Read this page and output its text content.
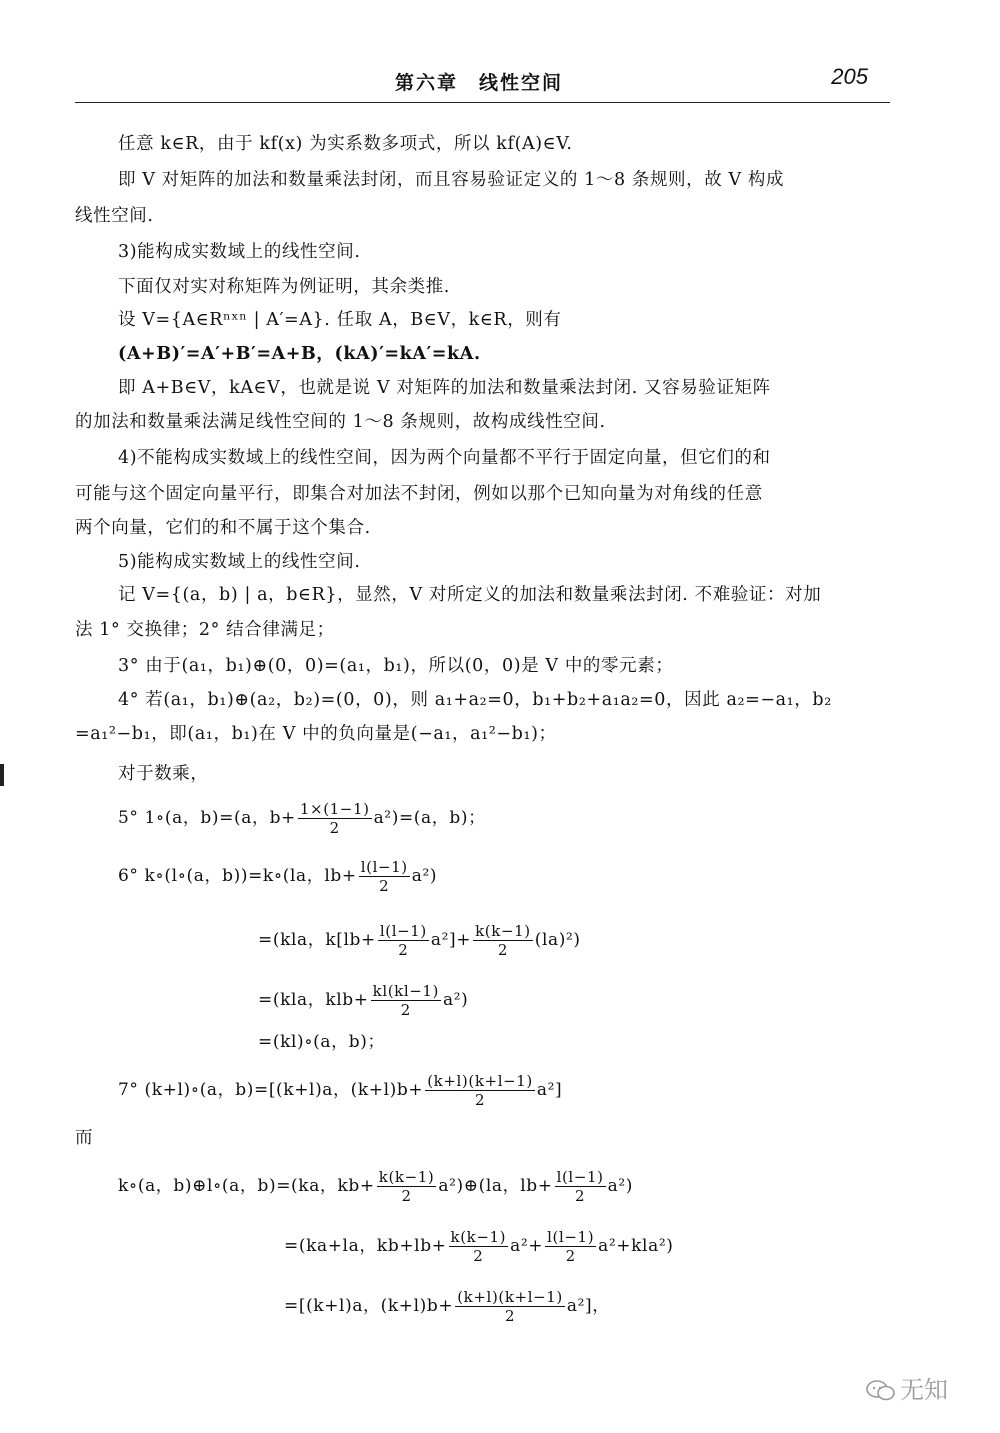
第六章　线性空间	205
任意 k∈R，由于 kf(x) 为实系数多项式，所以 kf(A)∈V.
即 V 对矩阵的加法和数量乘法封闭，而且容易验证定义的 1～8 条规则，故 V 构成
线性空间.
3)能构成实数域上的线性空间.
下面仅对实对称矩阵为例证明，其余类推.
设 V={A∈Rⁿˣⁿ | A′=A}. 任取 A，B∈V，k∈R，则有
(A+B)′=A′+B′=A+B，(kA)′=kA′=kA.
即 A+B∈V，kA∈V，也就是说 V 对矩阵的加法和数量乘法封闭. 又容易验证矩阵
的加法和数量乘法满足线性空间的 1～8 条规则，故构成线性空间.
4)不能构成实数域上的线性空间，因为两个向量都不平行于固定向量，但它们的和
可能与这个固定向量平行，即集合对加法不封闭，例如以那个已知向量为对角线的任意
两个向量，它们的和不属于这个集合.
5)能构成实数域上的线性空间.
记 V={(a，b) | a，b∈R}，显然，V 对所定义的加法和数量乘法封闭. 不难验证：对加
法 1° 交换律；2° 结合律满足；
3° 由于(a₁，b₁)⊕(0，0)=(a₁，b₁)，所以(0，0)是 V 中的零元素；
4° 若(a₁，b₁)⊕(a₂，b₂)=(0，0)，则 a₁+a₂=0，b₁+b₂+a₁a₂=0，因此 a₂=−a₁，b₂
=a₁²−b₁，即(a₁，b₁)在 V 中的负向量是(−a₁，a₁²−b₁)；
对于数乘，
5° 1∘(a，b)=(a，$b+ \frac{1\times(1-1)}{2} a^2)=(a$，b)；
6° k∘(l∘(a，b))=k∘(la，$lb+ \frac{l(l-1)}{2} a^2$)
=(kla，$k[lb+ \frac{l(l-1)}{2} a^2]+ \frac{k(k-1)}{2} (la)^2$)
=(kla，$klb+ \frac{kl(kl-1)}{2} a^2$)
=(kl)∘(a，b)；
7° (k+l)∘(a，b)=[(k+l)a，$(k+l)b+ \frac{(k+l)(k+l-1)}{2} a^2$]
而
k∘(a，b)⊕l∘(a，b)=(ka，$kb+ \frac{k(k-1)}{2}$ a²)⊕(la，$lb+ \frac{l(l-1)}{2} a^2$)
=(ka+la，$kb+lb+ \frac{k(k-1)}{2} a^2+ \frac{l(l-1)}{2} a^2+kla^2$)
=[(k+l)a，$(k+l)b+ \frac{(k+l)(k+l-1)}{2} a^2$]，
无知
